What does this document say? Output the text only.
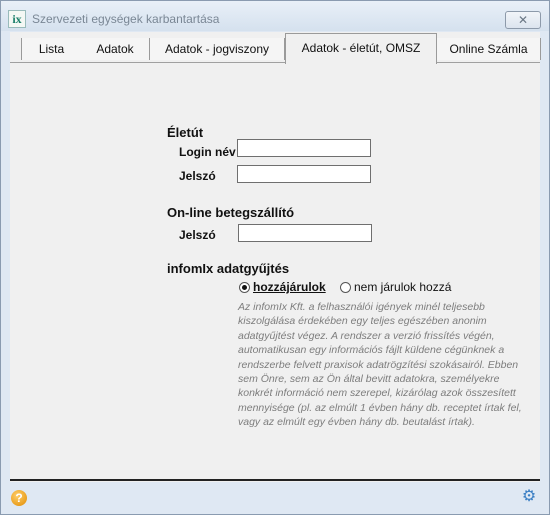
ix Szervezeti egységek karbantartása	✕
Lista	Adatok	Adatok - jogviszony	Adatok - életút, OMSZ	Online Számla
Életút
Login név
Jelszó
On-line betegszállító
Jelszó
infomIx adatgyűjtés
hozzájárulok nem járulok hozzá
Az infomIx Kft. a felhasználói igények minél teljesebb kiszolgálása érdekében egy teljes egészében anonim adatgyűjtést végez. A rendszer a verzió frissítés végén, automatikusan egy információs fájlt küldene cégünknek a rendszerbe felvett praxisok adatrögzítési szokásairól. Ebben sem Önre, sem az Ön által bevitt adatokra, személyekre konkrét információ nem szerepel, kizárólag azok összesített mennyisége (pl. az elmúlt 1 évben hány db. receptet írtak fel, vagy az elmúlt egy évben hány db. beutalást írtak).
?	⚙
